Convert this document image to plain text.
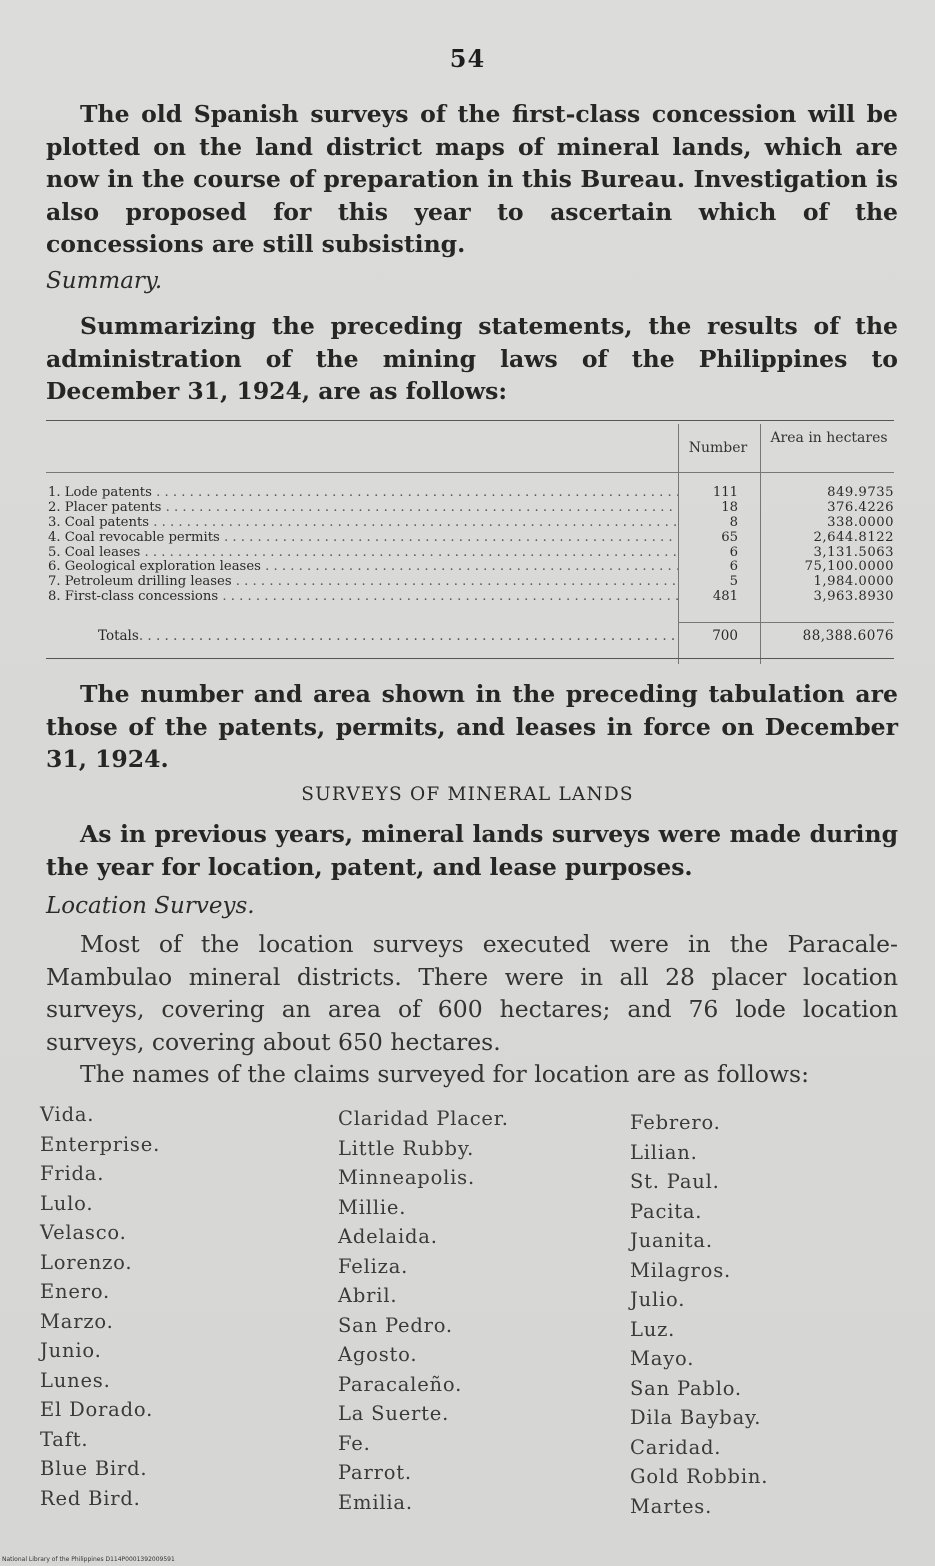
54
The old Spanish surveys of the first-class concession will be plotted on the land district maps of mineral lands, which are now in the course of preparation in this Bureau. Investigation is also proposed for this year to ascertain which of the concessions are still subsisting.
Summary.
Summarizing the preceding statements, the results of the administration of the mining laws of the Philippines to December 31, 1924, are as follows:
Number
Area in hectares
1. Lode patents . . .	111	849.9735
2. Placer patents . . .	18	376.4226
3. Coal patents . . .	8	338.0000
4. Coal revocable permits . . .	65	2,644.8122
5. Coal leases . . .	6	3,131.5063
6. Geological exploration leases . . .	6	75,100.0000
7. Petroleum drilling leases . . .	5	1,984.0000
8. First-class concessions . . .	481	3,963.8930
Totals . . .	700	88,388.6076
The number and area shown in the preceding tabulation are those of the patents, permits, and leases in force on December 31, 1924.
SURVEYS OF MINERAL LANDS
As in previous years, mineral lands surveys were made during the year for location, patent, and lease purposes.
Location Surveys.
Most of the location surveys executed were in the Paracale-Mambulao mineral districts. There were in all 28 placer location surveys, covering an area of 600 hectares; and 76 lode location surveys, covering about 650 hectares.
The names of the claims surveyed for location are as follows:
Vida.
Enterprise.
Frida.
Lulo.
Velasco.
Lorenzo.
Enero.
Marzo.
Junio.
Lunes.
El Dorado.
Taft.
Blue Bird.
Red Bird.
Claridad Placer.
Little Rubby.
Minneapolis.
Millie.
Adelaida.
Feliza.
Abril.
San Pedro.
Agosto.
Paracaleño.
La Suerte.
Fe.
Parrot.
Emilia.
Febrero.
Lilian.
St. Paul.
Pacita.
Juanita.
Milagros.
Julio.
Luz.
Mayo.
San Pablo.
Dila Baybay.
Caridad.
Gold Robbin.
Martes.
National Library of the Philippines D114P0001392009591
